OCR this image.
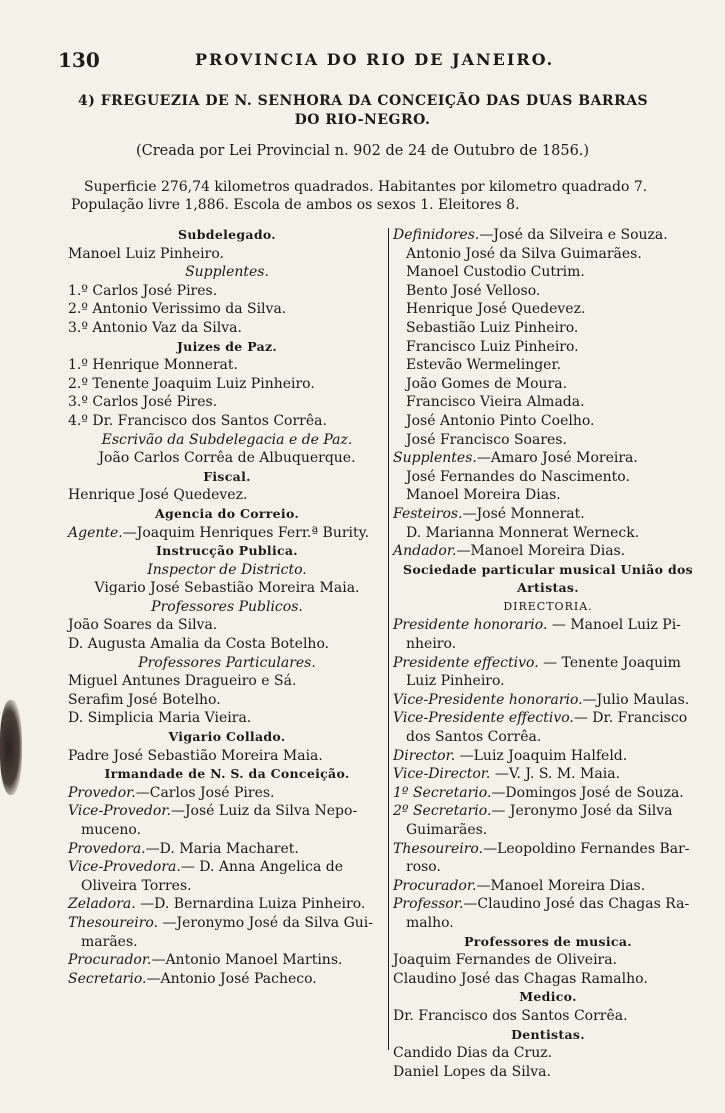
130	PROVINCIA DO RIO DE JANEIRO.
4) FREGUEZIA DE N. SENHORA DA CONCEIÇÃO DAS DUAS BARRAS
DO RIO-NEGRO.
(Creada por Lei Provincial n. 902 de 24 de Outubro de 1856.)
Superficie 276,74 kilometros quadrados. Habitantes por kilometro quadrado 7.
População livre 1,886. Escola de ambos os sexos 1. Eleitores 8.
Subdelegado.
Manoel Luiz Pinheiro.
Supplentes.
1.º Carlos José Pires.
2.º Antonio Verissimo da Silva.
3.º Antonio Vaz da Silva.
Juizes de Paz.
1.º Henrique Monnerat.
2.º Tenente Joaquim Luiz Pinheiro.
3.º Carlos José Pires.
4.º Dr. Francisco dos Santos Corrêa.
Escrivão da Subdelegacia e de Paz.
João Carlos Corrêa de Albuquerque.
Fiscal.
Henrique José Quedevez.
Agencia do Correio.
Agente.—Joaquim Henriques Ferr.ª Burity.
Instrucção Publica.
Inspector de Districto.
Vigario José Sebastião Moreira Maia.
Professores Publicos.
João Soares da Silva.
D. Augusta Amalia da Costa Botelho.
Professores Particulares.
Miguel Antunes Dragueiro e Sá.
Serafim José Botelho.
D. Simplicia Maria Vieira.
Vigario Collado.
Padre José Sebastião Moreira Maia.
Irmandade de N. S. da Conceição.
Provedor.—Carlos José Pires.
Vice-Provedor.—José Luiz da Silva Nepo-
muceno.
Provedora.—D. Maria Macharet.
Vice-Provedora.— D. Anna Angelica de
Oliveira Torres.
Zeladora. —D. Bernardina Luiza Pinheiro.
Thesoureiro. —Jeronymo José da Silva Gui-
marães.
Procurador.—Antonio Manoel Martins.
Secretario.—Antonio José Pacheco.
Definidores.—José da Silveira e Souza.
Antonio José da Silva Guimarães.
Manoel Custodio Cutrim.
Bento José Velloso.
Henrique José Quedevez.
Sebastião Luiz Pinheiro.
Francisco Luiz Pinheiro.
Estevão Wermelinger.
João Gomes de Moura.
Francisco Vieira Almada.
José Antonio Pinto Coelho.
José Francisco Soares.
Supplentes.—Amaro José Moreira.
José Fernandes do Nascimento.
Manoel Moreira Dias.
Festeiros.—José Monnerat.
D. Marianna Monnerat Werneck.
Andador.—Manoel Moreira Dias.
Sociedade particular musical União dos
Artistas.
DIRECTORIA.
Presidente honorario. — Manoel Luiz Pi-
nheiro.
Presidente effectivo. — Tenente Joaquim
Luiz Pinheiro.
Vice-Presidente honorario.—Julio Maulas.
Vice-Presidente effectivo.— Dr. Francisco
dos Santos Corrêa.
Director. —Luiz Joaquim Halfeld.
Vice-Director. —V. J. S. M. Maia.
1º Secretario.—Domingos José de Souza.
2º Secretario.— Jeronymo José da Silva
Guimarães.
Thesoureiro.—Leopoldino Fernandes Bar-
roso.
Procurador.—Manoel Moreira Dias.
Professor.—Claudino José das Chagas Ra-
malho.
Professores de musica.
Joaquim Fernandes de Oliveira.
Claudino José das Chagas Ramalho.
Medico.
Dr. Francisco dos Santos Corrêa.
Dentistas.
Candido Dias da Cruz.
Daniel Lopes da Silva.
